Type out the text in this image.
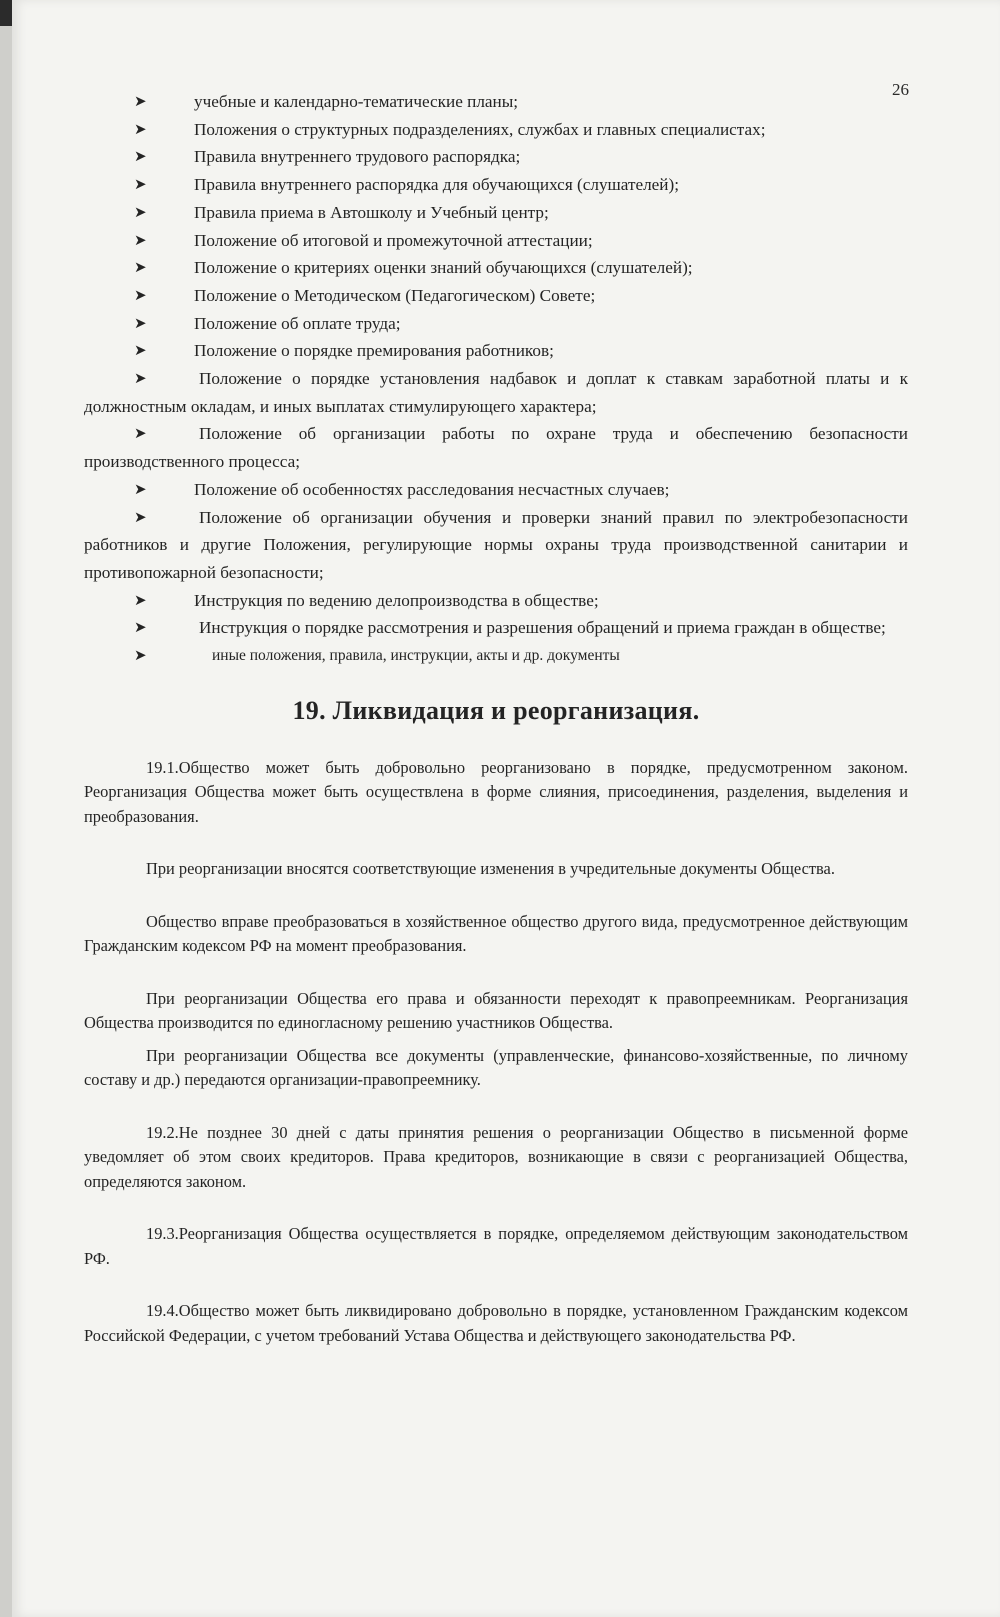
26
➤	учебные и календарно-тематические планы;
➤	Положения о структурных подразделениях, службах и главных специалистах;
➤	Правила внутреннего трудового распорядка;
➤	Правила внутреннего распорядка для обучающихся (слушателей);
➤	Правила приема в Автошколу и Учебный центр;
➤	Положение об итоговой и промежуточной аттестации;
➤	Положение о критериях оценки знаний обучающихся (слушателей);
➤	Положение о Методическом (Педагогическом) Совете;
➤	Положение об оплате труда;
➤	Положение о порядке премирования работников;
➤	Положение о порядке установления надбавок и доплат к ставкам заработной платы и к должностным окладам, и иных выплатах стимулирующего характера;
➤	Положение об организации работы по охране труда и обеспечению безопасности производственного процесса;
➤	Положение об особенностях расследования несчастных случаев;
➤	Положение об организации обучения и проверки знаний правил по электробезопасности работников и другие Положения, регулирующие нормы охраны труда производственной санитарии и противопожарной безопасности;
➤	Инструкция по ведению делопроизводства в обществе;
➤	Инструкция о порядке рассмотрения и разрешения обращений и приема граждан в обществе;
➤	иные положения, правила, инструкции, акты и др. документы
19. Ликвидация и реорганизация.

19.1.Общество может быть добровольно реорганизовано в порядке, предусмотренном законом. Реорганизация Общества может быть осуществлена в форме слияния, присоединения, разделения, выделения и преобразования.

При реорганизации вносятся соответствующие изменения в учредительные документы Общества.

Общество вправе преобразоваться в хозяйственное общество другого вида, предусмотренное действующим Гражданским кодексом РФ на момент преобразования.

При реорганизации Общества его права и обязанности переходят к правопреемникам. Реорганизация Общества производится по единогласному решению участников Общества.

При реорганизации Общества все документы (управленческие, финансово-хозяйственные, по личному составу и др.) передаются организации-правопреемнику.

19.2.Не позднее 30 дней с даты принятия решения о реорганизации Общество в письменной форме уведомляет об этом своих кредиторов. Права кредиторов, возникающие в связи с реорганизацией Общества, определяются законом.

19.3.Реорганизация Общества осуществляется в порядке, определяемом действующим законодательством РФ.

19.4.Общество может быть ликвидировано добровольно в порядке, установленном Гражданским кодексом Российской Федерации, с учетом требований Устава Общества и действующего законодательства РФ.
